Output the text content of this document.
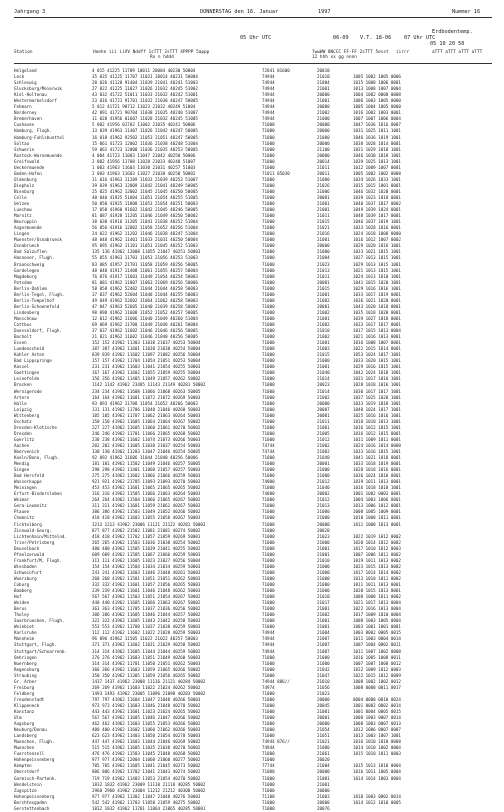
Jahrgang 3	DONNERSTAG den 16. Januar	1997	Nummer 16
05 Uhr UTC	06-09 V.T. 18-06 07 Uhr UTC
Erdbodentemp.
05 10 20 50
Station	Hoehe iii iiVV Nddff 1sTTT 2sTTT 4PPPP 5appp
Rx n hddd
7wwWW 8NCCC FF-FF 2sTTT 5esst
12 hhh xx gg nnnn
iirrr	aTTT aTTT aTTT aTTT
Helgoland	4 015 41225 11709 10011 20004 40230 50004	72841 81600	20010
Leck	35 035 41225 11707 11021 20014 40231 50004	74944	21010	1005 1002 1005 0006
Schleswig	28 026 41120 91404 11039 21041 40241 51003	74944	21004	1015 1008 1006 0001
Glucksburg/Meierwik	27 022 41225 11027 11026 21032 40245 51002	74944	21001	1013 1008 1007 0004
Kiel-Holtenau	43 032 41722 51011 11033 21032 40242 51001	74944	20000	1004 1002 0000 0008
Westermarkelsdorf	23 016 41721 91701 11032 21038 40247 50005	74944	21001	1006 1003 1005 0000
Fehmarn	5 012 41721 90712 11023 21032 40249 51004	74944	20000	1005 1004 1005 0000
Norderney	42 091 41721 90704 11038 21035 40240 51007	74944	21002	1016 1002 1003 0001
Bremerhaven	11 028 41956 01607 11028 21032 40245 51005	74944	21000	1007 1007 1006 0004
Cuxhaven	5 002 41956 01702 11002 21035 40241 50006	71000	20000	1047 1036 1016 0007
Hamburg, Flugh.	13 039 41963 11407 11026 21042 40247 50005	71000	20000	1031 1025 1011 1001
Hamburg-Fuhlsbuettel	16 018 41962 92502 11053 21051 40247 50005	71000	21000	1046 1036 1019 1001
Soltau	15 061 41723 12002 11036 21038 40248 51004	71000	20000	1038 1028 1014 0001
Schwerin	59 061 41723 12008 11036 21035 40253 50005	71000	21100	1031 1029 1018 1001
Rostock-Warnemuende	4 004 41723 11003 11047 21042 40250 50006	71000	20000	1046 1030 1018 1001
Greifswald	2 002 41956 11708 11028 21033 40248 51007	71000	20014	1039 1025 1013 1001
Ueckermuende	1 003 41963 11603 11030 21031 40257 51003	71000	21011	1012 1009 1007 0001
Emden-Hafen	2 003 41963 11603 11027 21038 40250 50002	71011 85030	20011	1005 1002 1002 0008
Oldenburg	11 016 41963 11209 11033 21039 40253 51007	71000	21000	1034 1026 1033 1001
Diepholz	39 039 41963 12009 11042 21041 40249 50005	71000	21026	1015 1015 1001 0001
Nienburg	25 025 41962 12002 11045 21045 40250 50005	71000	21006	1046 1032 1020 0001
Celle	40 040 41925 51804 11051 21054 40255 51005	71000	20001	1039 1023 1018 0001
Uelzen	50 050 41925 11808 11053 21054 40251 50003	71000	21001	1040 1037 1017 0002
Luechow	17 050 41960 91602 11042 21045 40246 50005	71000	21001	1049 1039 1024 0001
Marnitz	81 087 41920 11205 11046 21049 40250 50002	71000	21011	1048 1039 1017 0001
Neuruppin	38 038 41916 11205 11041 21038 40252 51004	71000	21015	1046 1037 1019 1001
Angermuende	56 056 41916 12002 11058 21052 40256 51004	71000	21021	1033 1028 1016 0001
Lingen	24 022 41962 11202 11046 21038 40247 51004	71000	21016	1024 1018 1008 0000
Muenster/Osnabrueck	48 048 41962 11401 11033 21031 40250 50004	71000	21001	1016 1012 1007 0002
Osnabrueck	95 095 41962 11101 11051 21045 40252 51003	71000	20000	1029 1020 1016 1001
Bad Salzuflen	135 136 41962 12008 11055 21047 40251 50003	71000	21000	1033 1021 1015 1001
Hannover, Flugh.	55 055 41963 11703 11053 21056 40253 51003	71000	21004	1027 1013 1015 1001
Braunschweig	83 085 41957 21701 11058 21059 40256 50005	71000	21023	1029 1013 1015 1001
Gardelegen	48 048 41917 11408 11061 21055 40257 50004	71000	21013	1021 1013 1015 1001
Magdeburg	76 076 41917 11603 11049 21054 40254 50003	71000	21011	1024 1013 1010 1001
Potsdam	81 081 41962 11807 11063 21069 40256 50006	71000	20001	1041 1015 1020 1001
Berlin-Dahlem	58 058 41962 52402 11044 21044 40258 50003	71000	21015	1029 1016 1016 1001
Berlin-Tegel, Flugh.	37 037 41962 52604 11048 21044 40255 50003	71000	21001	1033 1017 1019 0001
Berlin-Tempelhof	49 049 41962 52602 11064 21062 40258 50003	71000	21002	1036 1021 1020 0001
Berlin-Schoenefeld	47 047 41963 52605 11040 21039 40258 50002	71000	20001	1043 1020 1018 0001
Lindenberg	98 098 41962 11608 11052 21052 40257 50005	71000	21002	1035 1018 1020 0001
Manschnow	12 012 41962 11606 11040 21049 40260 51004	71000	21001	1039 1027 1018 0001
Cottbus	69 069 41962 11708 11049 21048 40261 50004	71000	21002	1033 1017 1017 0001
Duesseldorf, Flugh.	37 037 41962 11602 11046 21046 40256 50005	71000	21010	1017 1015 1013 0004
Bocholt	21 021 41962 11602 11046 21048 40256 50005	71000	21002	1021 1016 1013 0001
Essen	152 152 41962 11303 11038 21037 40253 50004	71000	21001	1016 1008 1007 0001
Luedenscheid	387 387 41962 11601 11038 21038 40254 50004	71000	21003	1022 1015 1014 0001
Kahler Asten	839 839 41962 11602 11097 21082 40256 50004	71000	21015	1053 1024 1017 1001
Bad Lippspringe	157 157 41962 11704 11054 21051 40253 50004	71000	21000	1033 1020 1015 1001
Kassel	231 231 41962 11603 11041 21054 40255 50003	71000	21001	1029 1016 1015 1001
Goettingen	167 167 41962 11602 11055 21059 40255 50004	71000	21040	1042 1024 1018 1001
Leinefelde	356 356 41962 11405 11049 21057 40262 50002	71000	21014	1031 1017 1016 1001
Brocken	1142 1142 41962 23405 11143 21149 40281 50002	71000	20023	1028 1018 1016 1001
Wernigerode	234 234 41962 11608 11066 21068 40263 50005	71000	21014	1030 1017 1017 1001
Artern	164 164 41962 11601 11072 21072 40269 50003	71000	21002	1037 1025 1020 1001
Halle	93 093 41962 11708 11054 21052 40266 50003	71000	20000	1033 1019 1018 1001
Leipzig	131 131 41962 11706 11048 21046 40268 50003	71000	20007	1040 1024 1017 1001
Wittenberg	105 105 41962 11707 11062 21063 40264 50003	71000	20001	1025 1016 1016 1001
Oschatz	150 150 41962 11605 11064 21064 40267 50002	71000	21011	1018 1010 1013 1001
Dresden-Klotzsche	227 227 41962 11605 11060 21061 40270 50002	71000	21001	1016 1012 1015 1001
Dresden	246 246 41962 11701 11066 21065 40268 50002	71000	21005	1016 1012 1015 0001
Goerlitz	238 238 41962 11602 11074 21073 40266 50003	71000	21012	1011 1009 1011 0001
Aachen	202 202 41962 11605 11038 21037 40254 50003	74744	21002	1024 1016 1014 0000
Noervenich	130 130 41962 11203 11047 21046 40254 50005	74744	21002	1033 1016 1015 1001
Koeln/Bonn, Flugh.	92 092 41962 11606 11044 21040 40256 50006	71000	21040	1041 1021 1018 0001
Mendig	181 181 41962 11502 11049 21046 40257 50005	71000	20001	1033 1018 1019 0001
Siegen	298 298 41962 11401 11060 21057 40257 50003	71000	21000	1028 1018 1016 0001
Bad Hersfeld	275 275 41962 11602 11066 21066 40259 50003	71000	21000	1036 1024 1018 0001
Wasserkuppe	921 921 41962 21705 11093 21093 40270 50003	74000	21012	1019 1011 1013 0001
Meiningen	453 453 41962 11601 11065 21065 40265 50002	71000	21040	1016 1018 1018 1001
Erfurt-Bindersleben	316 316 41962 11505 11066 21063 40264 50003	74000	20002	1001 1002 0003 0001
Weimar	264 264 41962 11504 11066 21065 40267 50002	71000	21012	1004 1003 1006 0001
Gera-Leumnitz	311 311 41962 11601 11059 21061 40267 50003	71000	21013	1013 1006 1012 0001
Plauen	386 386 41962 11503 11049 21052 40266 50002	71000	21000	1008 1005 1009 0001
Chemnitz	418 418 41962 11603 11055 21058 40267 50003	71000	21000	1018 1008 1011 0001
Fichtelberg	1213 1213 41962 23006 11121 21122 40281 50003	71000	20000	1011 1008 1013 0001
Zinnwald-Georg.	877 877 41962 21502 11081 21081 40274 50002	71000	20020
Lichtenhain/Mittelnd.	418 418 41962 11702 11057 21059 40269 50001	71000	21023	1022 1019 1012 0002
Trier/Petrisberg	265 265 41962 11503 11036 21038 40254 50002	71000	21000	1020 1014 1012 0002
Deuselbach	480 480 41962 11505 11039 21041 40255 50002	71000	21001	1017 1010 1012 0003
Pfaelzerwald	609 609 41962 11505 11067 21066 40259 50003	71000	21001	1007 1006 1011 0002
Frankfurt/M, Flugh.	111 111 41962 11605 11023 21027 40256 50004	71000	21010	1019 1011 1013 0002
Wiesbaden	154 154 41962 11504 11034 21034 40259 50003	71000	21000	1023 1015 1013 0002
Schweinfurt	241 241 41962 11603 11046 21048 40261 50003	71000	21000	1017 1014 1014 0002
Wuerzburg	268 268 41962 11501 11051 21051 40262 50003	71000	21000	1013 1010 1011 0002
Coburg	332 332 41962 11601 11057 21056 40265 50003	71000	21000	1011 1011 1013 0001
Bamberg	239 239 41962 11601 11046 21048 40262 50003	71000	21000	1020 1015 1013 0001
Hof	567 567 41962 11503 11051 21054 40267 50002	71000	21010	1008 1008 1011 0002
Weiden	440 440 41962 11605 11066 21063 40267 50002	71000	21017	1021 1017 1013 0004
Berus	363 363 41962 11705 11037 21036 40256 50002	71000	21001	1022 1016 1013 0004
Tholey	386 386 41962 11605 11046 21044 40257 50002	71000	21002	1017 1009 1010 0004
Saarbruecken, Flugh.	322 322 41962 11605 11043 21042 40258 50003	71000	21001	1008 1003 1005 0004
Weinbiet	553 553 41962 11708 11037 21038 40259 50003	71000	21001	1003 1001 1001 0001
Karlsruhe	112 112 41962 11602 11022 21028 40259 50003	74944	21004	1003 0002 0005 0015
Mannheim	96 096 41962 11505 11022 21022 40257 50003	74944	21007	1011 1003 0004 0014
Stuttgart, Flugh.	371 371 41962 11602 11031 21029 40258 50002	74944	21007	1007 1004 0002 0011
Stuttgart/Schnarrenb.	314 314 41962 11605 11044 21044 40259 50002	74944	21007	1011 1007 1002 0008
Oehringen	276 276 41962 11603 11051 21049 40260 50003	71000	21000	1016 1005 1008 0011
Nuernberg	314 314 41962 11701 11050 21051 40262 50003	71000	21000	1007 1007 1008 0012
Regensburg	366 366 41962 11603 11059 21065 40266 50002	71000	21042	1022 1009 1012 0003
Straubing	350 350 41962 11305 11059 21056 40265 50002	71000	21047	1022 1015 1012 0009
Gr. Arber	1437 1437 41962 23008 11116 21121 40284 50002	74944 886//	21010	1008 1002 1002 0012
Freiburg	269 269 41962 11603 11022 21024 40262 50002	74974	21056	1008 0008 0011 0017
Feldberg	1493 1493 41962 23005 11096 21098 40283 50002	71000	21023
Freudenstadt	797 797 41962 11604 11047 21048 40266 50003	71000	20000	0004 0008 0010 0024
Klippeneck	973 973 41962 11603 11046 21048 40270 50002	71000	20045	1001 0002 0002 0014
Konstanz	443 443 41962 11601 11023 21024 40265 50002	71000	21001	1001 0004 0005 0015
Ulm	567 567 41962 11605 11046 21047 40266 50002	71000	20001	1008 1003 0007 0014
Augsburg	462 462 41962 11603 11055 21053 40266 50002	71000	20000	1008 1003 0007 0013
Neuburg/Donau	400 400 41962 11602 11060 21062 40266 50003	71000	21054	1012 1006 0007 0007
Landsberg	623 623 41962 11403 11050 21054 40270 50003	71000	21051	1013 1003 1007 1001
Muenchen, Flugh.	447 447 41962 11603 11044 21046 40269 50002	74944 876//	21021	1016 1010 1010 0008
Muenchen	515 515 41962 11605 11035 21038 40270 50002	74944	21000	1014 1010 1002 0004
Fuerstenzell	476 476 41962 11503 11045 21048 40268 50002	71000	21061	1015 1010 1011 0003
Hohenpeissenberg	977 977 41962 12004 11060 21060 40277 50002	71000	20020
Kempten	705 705 41962 11605 11041 21045 40273 50002	77744	21004	1015 1013 1010 0004
Oberstdorf	806 806 41962 11702 11041 21043 40274 50002	71000	20000	1016 1011 1005 0004
Garmisch-Partenk.	719 719 41962 11403 11053 21054 40270 50002	71000	21001	1014 1014 1003 0004
Wendelstein	1832 1832 41962 23009 11118 21118 40285 50002	71000	21001
Zugspitze	2960 2960 41962 23004 11212 21212 40300 50002	71000	20000
Hohenpeissenberg	977 977 41962 11302 11047 21048 40276 50003	71100	21003	1010 1003 0002 0014
Berchtesgaden	542 542 41962 11703 11058 21059 40275 50002	71000	20000	1014 1012 1010 0005
Gerstettenbach	1832 1832 41962 11701 11064 21065 40285 50001	71000	20076
